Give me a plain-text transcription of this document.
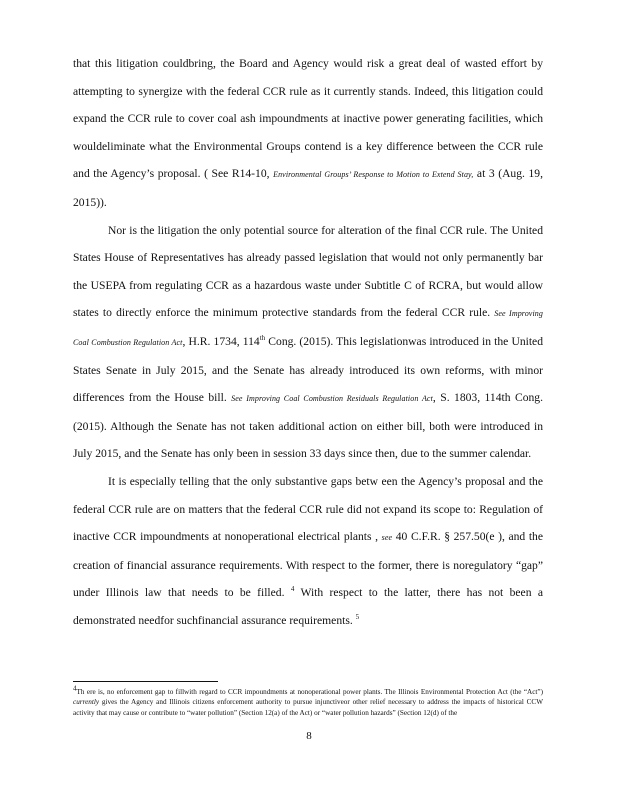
that this litigation couldbring, the Board and Agency would risk a great deal of wasted effort by attempting to synergize with the federal CCR rule as it currently stands. Indeed, this litigation could expand the CCR rule to cover coal ash impoundments at inactive power generating facilities, which wouldeliminate what the Environmental Groups contend is a key difference between the CCR rule and the Agency’s proposal. ( See R14-10, Environmental Groups’ Response to Motion to Extend Stay, at 3 (Aug. 19, 2015)).

Nor is the litigation the only potential source for alteration of the final CCR rule. The United States House of Representatives has already passed legislation that would not only permanently bar the USEPA from regulating CCR as a hazardous waste under Subtitle C of RCRA, but would allow states to directly enforce the minimum protective standards from the federal CCR rule. See Improving Coal Combustion Regulation Act, H.R. 1734, 114th Cong. (2015). This legislationwas introduced in the United States Senate in July 2015, and the Senate has already introduced its own reforms, with minor differences from the House bill. See Improving Coal Combustion Residuals Regulation Act, S. 1803, 114th Cong. (2015). Although the Senate has not taken additional action on either bill, both were introduced in July 2015, and the Senate has only been in session 33 days since then, due to the summer calendar.

It is especially telling that the only substantive gaps betw een the Agency’s proposal and the federal CCR rule are on matters that the federal CCR rule did not expand its scope to: Regulation of inactive CCR impoundments at nonoperational electrical plants , see 40 C.F.R. § 257.50(e ), and the creation of financial assurance requirements. With respect to the former, there is noregulatory “gap” under Illinois law that needs to be filled. $^4$ With respect to the latter, there has not been a demonstrated needfor suchfinancial assurance requirements. $^5$

$^4$Th ere is, no enforcement gap to fillwith regard to CCR impoundments at nonoperational power plants. The Illinois Environmental Protection Act (the “Act”) currently gives the Agency and Illinois citizens enforcement authority to pursue injunctiveor other relief necessary to address the impacts of historical CCW activity that may cause or contribute to “water pollution” (Section 12(a) of the Act) or “water pollution hazards” (Section 12(d) of the

8
